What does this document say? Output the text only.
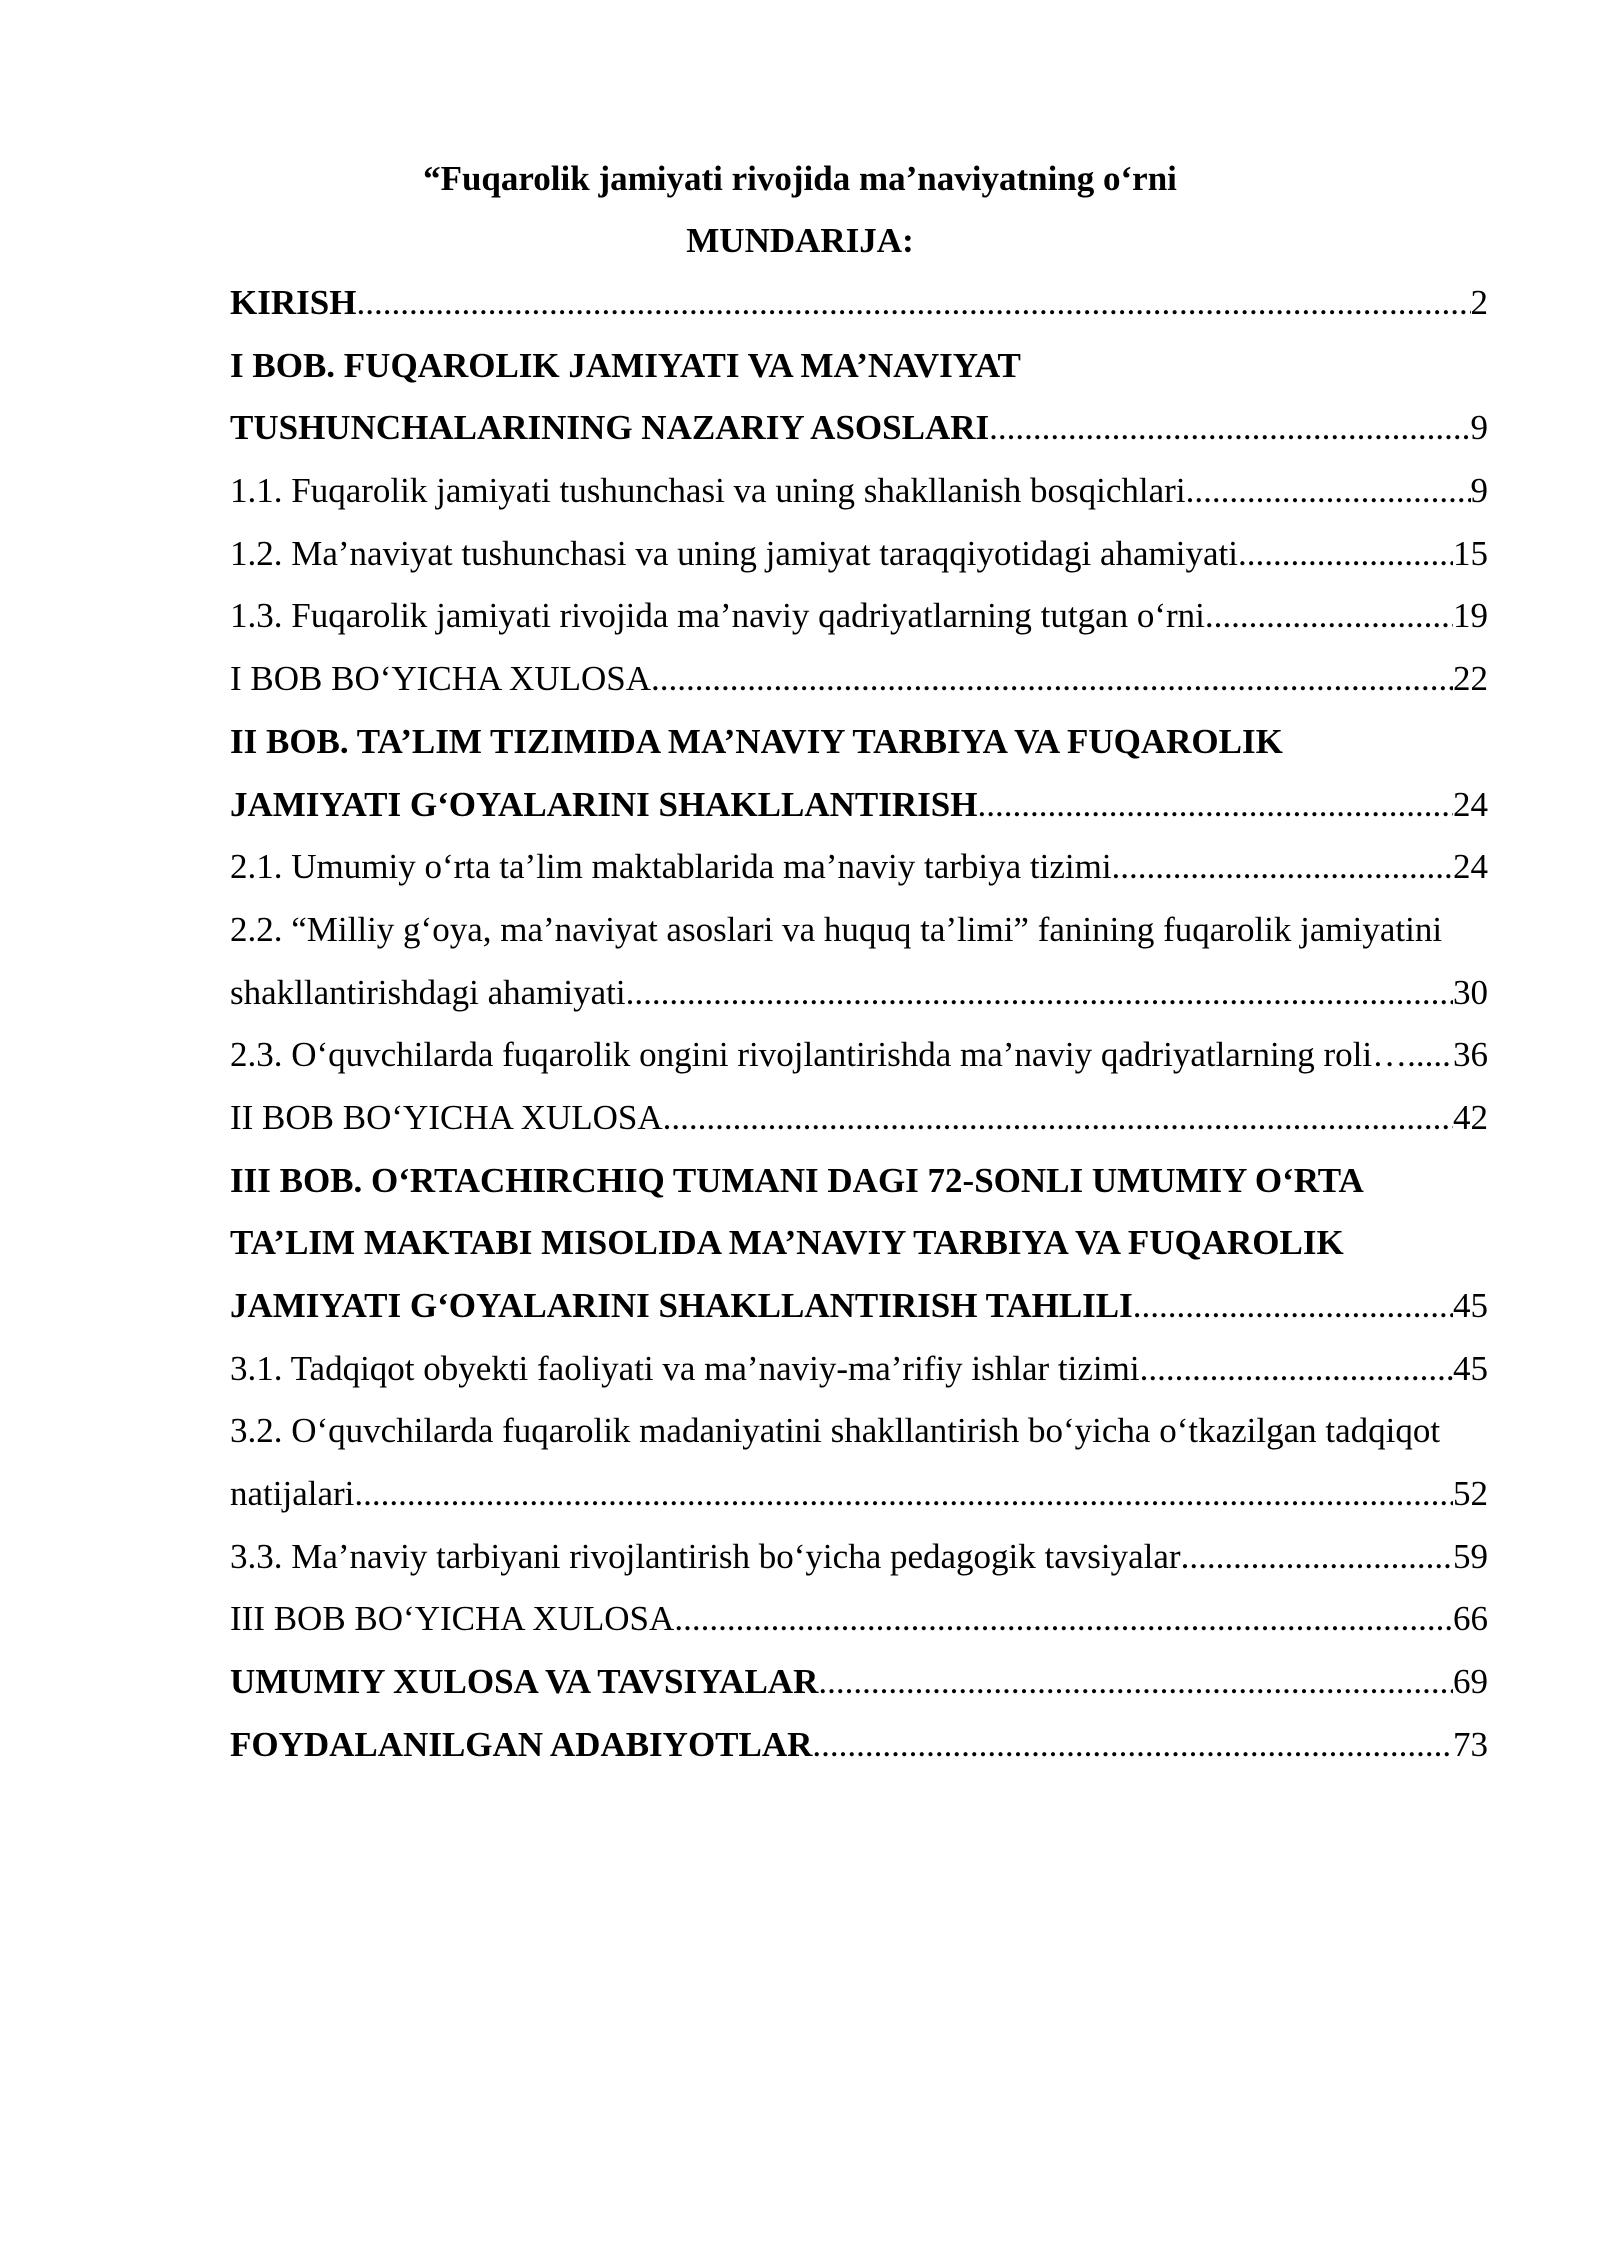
“Fuqarolik jamiyati rivojida ma’naviyatning o‘rni
MUNDARIJA:
KIRISH .....	2
I BOB. FUQAROLIK JAMIYATI VA MA’NAVIYAT
TUSHUNCHALARINING NAZARIY ASOSLARI .....	9
1.1. Fuqarolik jamiyati tushunchasi va uning shakllanish bosqichlari .....	9
1.2. Ma’naviyat tushunchasi va uning jamiyat taraqqiyotidagi ahamiyati .....	15
1.3. Fuqarolik jamiyati rivojida ma’naviy qadriyatlarning tutgan o‘rni .....	19
I BOB BO‘YICHA XULOSA .....	22
II BOB. TA’LIM TIZIMIDA MA’NAVIY TARBIYA VA FUQAROLIK
JAMIYATI G‘OYALARINI SHAKLLANTIRISH .....	24
2.1. Umumiy o‘rta ta’lim maktablarida ma’naviy tarbiya tizimi .....	24
2.2. “Milliy g‘oya, ma’naviyat asoslari va huquq ta’limi” fanining fuqarolik jamiyatini
shakllantirishdagi ahamiyati .....	30
2.3. O‘quvchilarda fuqarolik ongini rivojlantirishda ma’naviy qadriyatlarning roli… ..... 36
II BOB BO‘YICHA XULOSA .....	42
III BOB. O‘RTACHIRCHIQ TUMANI DAGI 72-SONLI UMUMIY O‘RTA
TA’LIM MAKTABI MISOLIDA MA’NAVIY TARBIYA VA FUQAROLIK
JAMIYATI G‘OYALARINI SHAKLLANTIRISH TAHLILI .....	45
3.1. Tadqiqot obyekti faoliyati va ma’naviy-ma’rifiy ishlar tizimi .....	45
3.2. O‘quvchilarda fuqarolik madaniyatini shakllantirish bo‘yicha o‘tkazilgan tadqiqot
natijalari .....	52
3.3. Ma’naviy tarbiyani rivojlantirish bo‘yicha pedagogik tavsiyalar .....	59
III BOB BO‘YICHA XULOSA .....	66
UMUMIY XULOSA VA TAVSIYALAR .....	69
FOYDALANILGAN ADABIYOTLAR .....	73
